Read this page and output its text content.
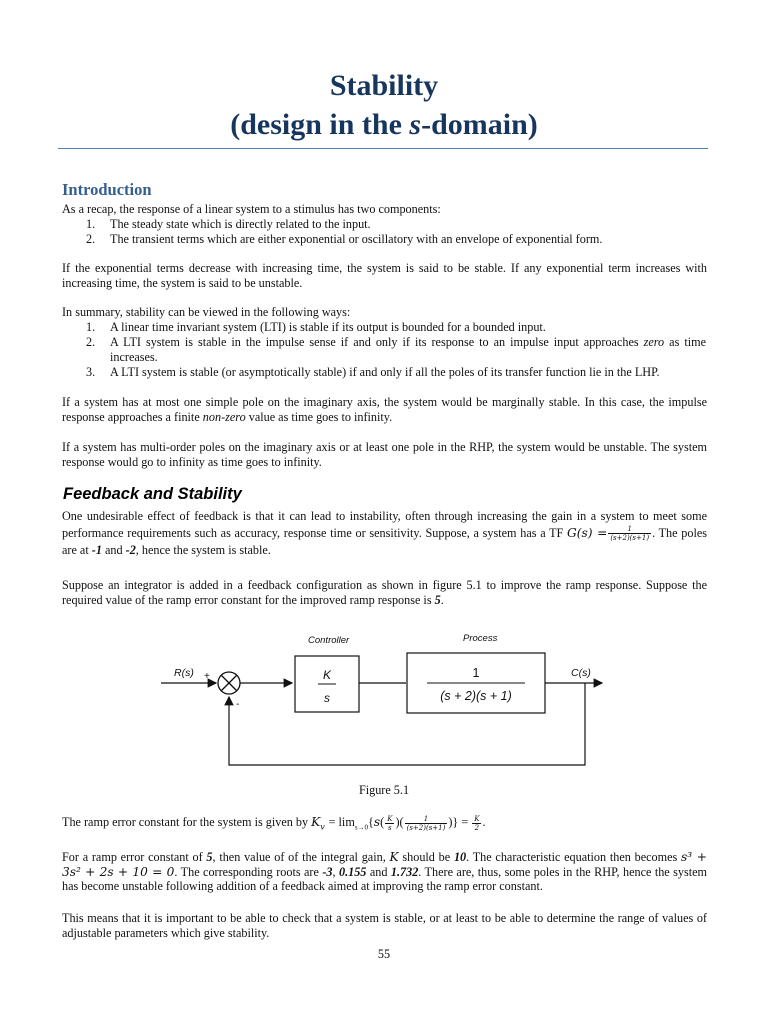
Stability
(design in the s-domain)
Introduction

As a recap, the response of a linear system to a stimulus has two components:

1.	The steady state which is directly related to the input.
2.	The transient terms which are either exponential or oscillatory with an envelope of exponential form.

If the exponential terms decrease with increasing time, the system is said to be stable. If any exponential term increases with increasing time, the system is said to be unstable.

In summary, stability can be viewed in the following ways:

1.	A linear time invariant system (LTI) is stable if its output is bounded for a bounded input.
2.	A LTI system is stable in the impulse sense if and only if its response to an impulse input approaches zero as time increases.
3.	A LTI system is stable (or asymptotically stable) if and only if all the poles of its transfer function lie in the LHP.

If a system has at most one simple pole on the imaginary axis, the system would be marginally stable. In this case, the impulse response approaches a finite non-zero value as time goes to infinity.

If a system has multi-order poles on the imaginary axis or at least one pole in the RHP, the system would be unstable. The system response would go to infinity as time goes to infinity.

Feedback and Stability

One undesirable effect of feedback is that it can lead to instability, often through increasing the gain in a system to meet some performance requirements such as accuracy, response time or sensitivity. Suppose, a system has a TF $G(s) = \frac{1}{(s+2)(s+1)}$ . The poles are at -1 and -2, hence the system is stable.

Suppose an integrator is added in a feedback configuration as shown in figure 5.1 to improve the ramp response. Suppose the required value of the ramp error constant for the improved ramp response is 5.

Controller	Process
R(s)	C(s)
+
-
K
s
1
(s + 2)(s + 1)
Figure 5.1

The ramp error constant for the system is given by $K_v = \lim_{s\to 0}\{s( \frac{K}{s}$ )( $\frac{1}{(s+2)(s+1)}$ )} = $\frac{K}{2}$ .

For a ramp error constant of 5, then value of of the integral gain, K should be 10. The characteristic equation then becomes s³ + 3s² + 2s + 10 = 0. The corresponding roots are -3, 0.155 and 1.732. There are, thus, some poles in the RHP, hence the system has become unstable following addition of a feedback aimed at improving the ramp error constant.

This means that it is important to be able to check that a system is stable, or at least to be able to determine the range of values of adjustable parameters which give stability.

55
